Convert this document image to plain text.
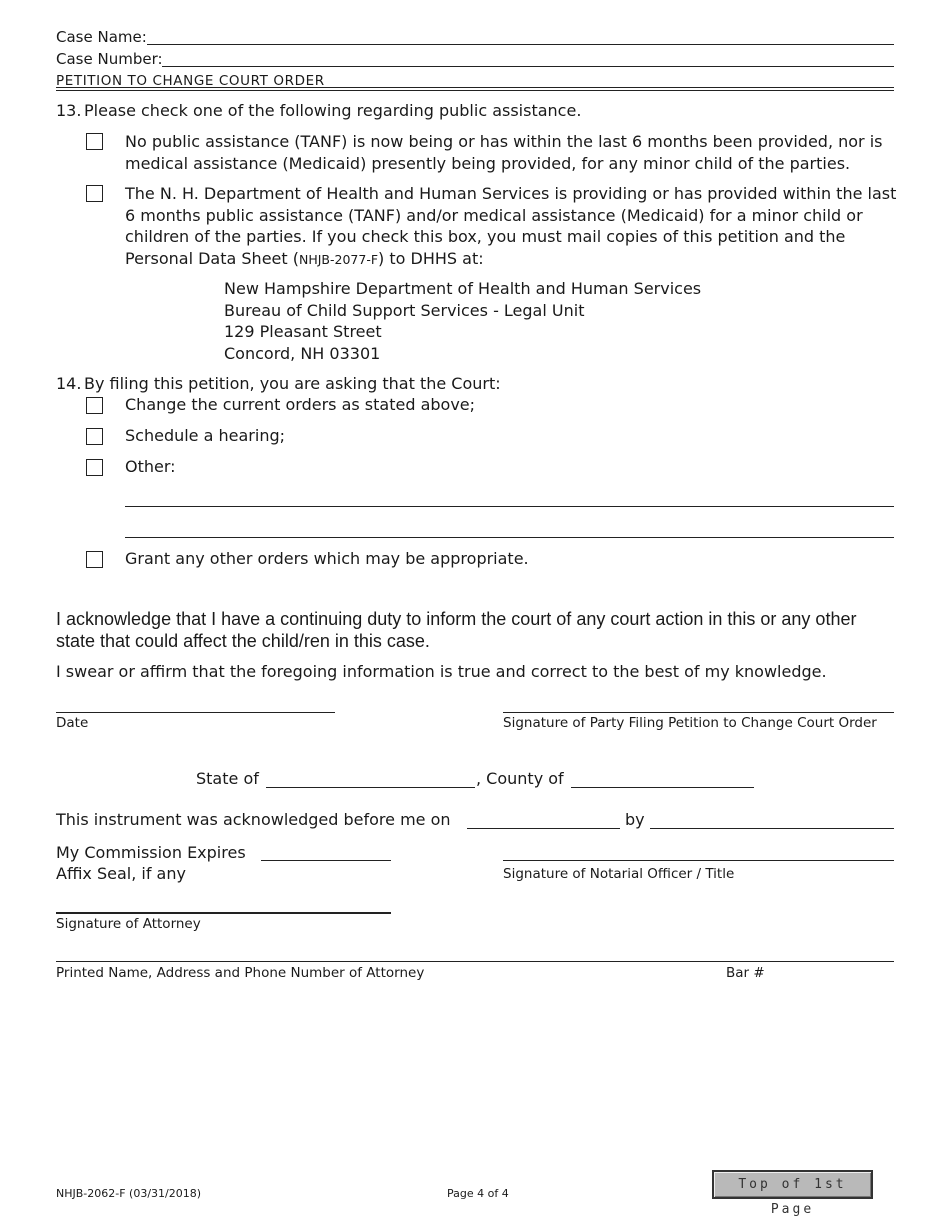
Case Name:
Case Number:
PETITION TO CHANGE COURT ORDER
13. Please check one of the following regarding public assistance.
No public assistance (TANF) is now being or has within the last 6 months been provided, nor is medical assistance (Medicaid) presently being provided, for any minor child of the parties.
The N. H. Department of Health and Human Services is providing or has provided within the last 6 months public assistance (TANF) and/or medical assistance (Medicaid) for a minor child or children of the parties. If you check this box, you must mail copies of this petition and the Personal Data Sheet (NHJB-2077-F) to DHHS at:
New Hampshire Department of Health and Human Services
Bureau of Child Support Services - Legal Unit
129 Pleasant Street
Concord, NH 03301
14. By filing this petition, you are asking that the Court:
Change the current orders as stated above;
Schedule a hearing;
Other:
Grant any other orders which may be appropriate.
I acknowledge that I have a continuing duty to inform the court of any court action in this or any other state that could affect the child/ren in this case.
I swear or affirm that the foregoing information is true and correct to the best of my knowledge.
Date	Signature of Party Filing Petition to Change Court Order
State of	, County of
This instrument was acknowledged before me on	by
My Commission Expires
Affix Seal, if any	Signature of Notarial Officer / Title
Signature of Attorney
Printed Name, Address and Phone Number of Attorney	Bar #
NHJB-2062-F (03/31/2018)	Page 4 of 4
Top of 1st Page
